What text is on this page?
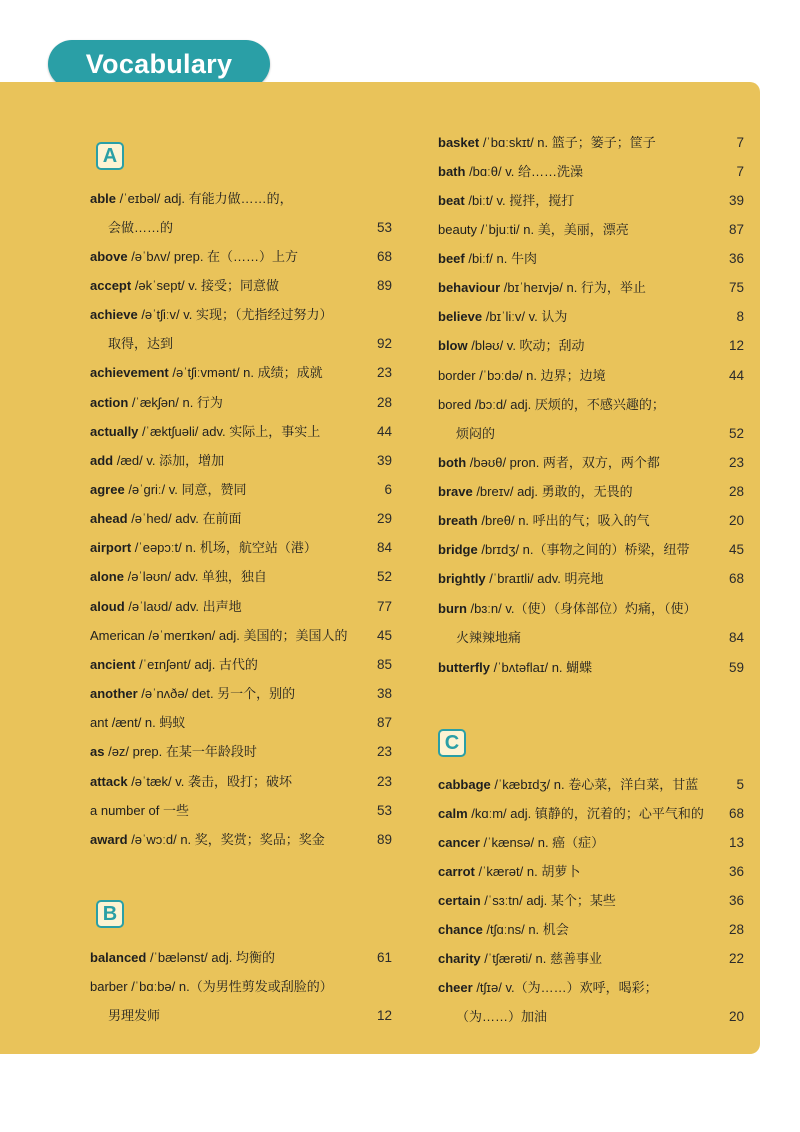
Vocabulary
A
B
able /ˈeɪbəl/ adj. 有能力做……的，
会做……的	53
above /əˈbʌv/ prep. 在（……）上方	68
accept /əkˈsept/ v. 接受；同意做	89
achieve /əˈtʃiːv/ v. 实现；（尤指经过努力）
取得，达到	92
achievement /əˈtʃiːvmənt/ n. 成绩；成就	23
action /ˈækʃən/ n. 行为	28
actually /ˈæktʃuəli/ adv. 实际上，事实上	44
add /æd/ v. 添加，增加	39
agree /əˈgriː/ v. 同意，赞同	6
ahead /əˈhed/ adv. 在前面	29
airport /ˈeəpɔːt/ n. 机场，航空站（港）	84
alone /əˈləʊn/ adv. 单独，独自	52
aloud /əˈlaʊd/ adv. 出声地	77
American /əˈmerɪkən/ adj. 美国的；美国人的 45
ancient /ˈeɪnʃənt/ adj. 古代的	85
another /əˈnʌðə/ det. 另一个，别的	38
ant /ænt/ n. 蚂蚁	87
as /əz/ prep. 在某一年龄段时	23
attack /əˈtæk/ v. 袭击，殴打；破坏	23
a number of 一些	53
award /əˈwɔːd/ n. 奖，奖赏；奖品；奖金	89
balanced /ˈbælənst/ adj. 均衡的	61
barber /ˈbɑːbə/ n.（为男性剪发或刮脸的）
男理发师	12
C
basket /ˈbɑːskɪt/ n. 篮子；篓子；筐子	7
bath /bɑːθ/ v. 给……洗澡	7
beat /biːt/ v. 搅拌，搅打	39
beauty /ˈbjuːti/ n. 美，美丽，漂亮	87
beef /biːf/ n. 牛肉	36
behaviour /bɪˈheɪvjə/ n. 行为，举止	75
believe /bɪˈliːv/ v. 认为	8
blow /bləʊ/ v. 吹动；刮动	12
border /ˈbɔːdə/ n. 边界；边境	44
bored /bɔːd/ adj. 厌烦的，不感兴趣的；
烦闷的	52
both /bəʊθ/ pron. 两者，双方，两个都	23
brave /breɪv/ adj. 勇敢的，无畏的	28
breath /breθ/ n. 呼出的气；吸入的气	20
bridge /brɪdʒ/ n.（事物之间的）桥梁，纽带	45
brightly /ˈbraɪtli/ adv. 明亮地	68
burn /bɜːn/ v.（使）（身体部位）灼痛，（使）
火辣辣地痛	84
butterfly /ˈbʌtəflaɪ/ n. 蝴蝶	59
cabbage /ˈkæbɪdʒ/ n. 卷心菜，洋白菜，甘蓝	5
calm /kɑːm/ adj. 镇静的，沉着的；心平气和的 68
cancer /ˈkænsə/ n. 癌（症）	13
carrot /ˈkærət/ n. 胡萝卜	36
certain /ˈsɜːtn/ adj. 某个；某些	36
chance /tʃɑːns/ n. 机会	28
charity /ˈtʃærəti/ n. 慈善事业	22
cheer /tʃɪə/ v.（为……）欢呼，喝彩；
（为……）加油	20
